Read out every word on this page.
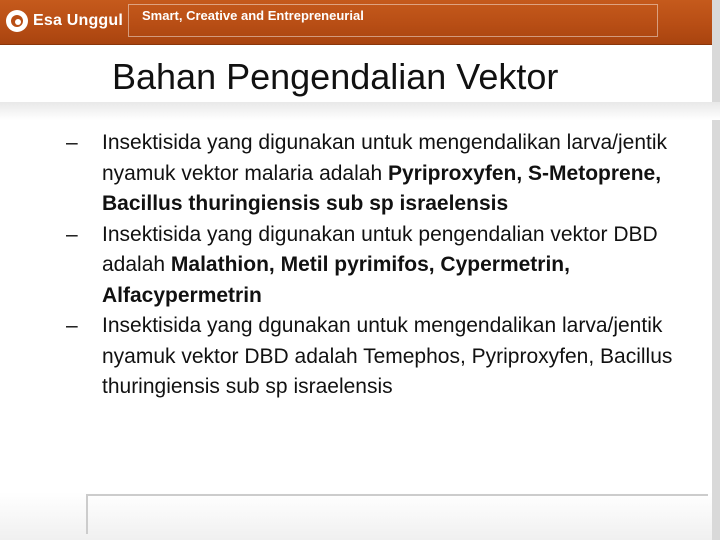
Esa Unggul Smart, Creative and Entrepreneurial
Bahan Pengendalian Vektor
– Insektisida yang digunakan untuk mengendalikan larva/jentik nyamuk vektor malaria adalah Pyriproxyfen, S-Metoprene, Bacillus thuringiensis sub sp israelensis
– Insektisida yang digunakan untuk pengendalian vektor DBD adalah Malathion, Metil pyrimifos, Cypermetrin, Alfacypermetrin
– Insektisida yang dgunakan untuk mengendalikan larva/jentik nyamuk vektor DBD adalah Temephos, Pyriproxyfen, Bacillus thuringiensis sub sp israelensis
